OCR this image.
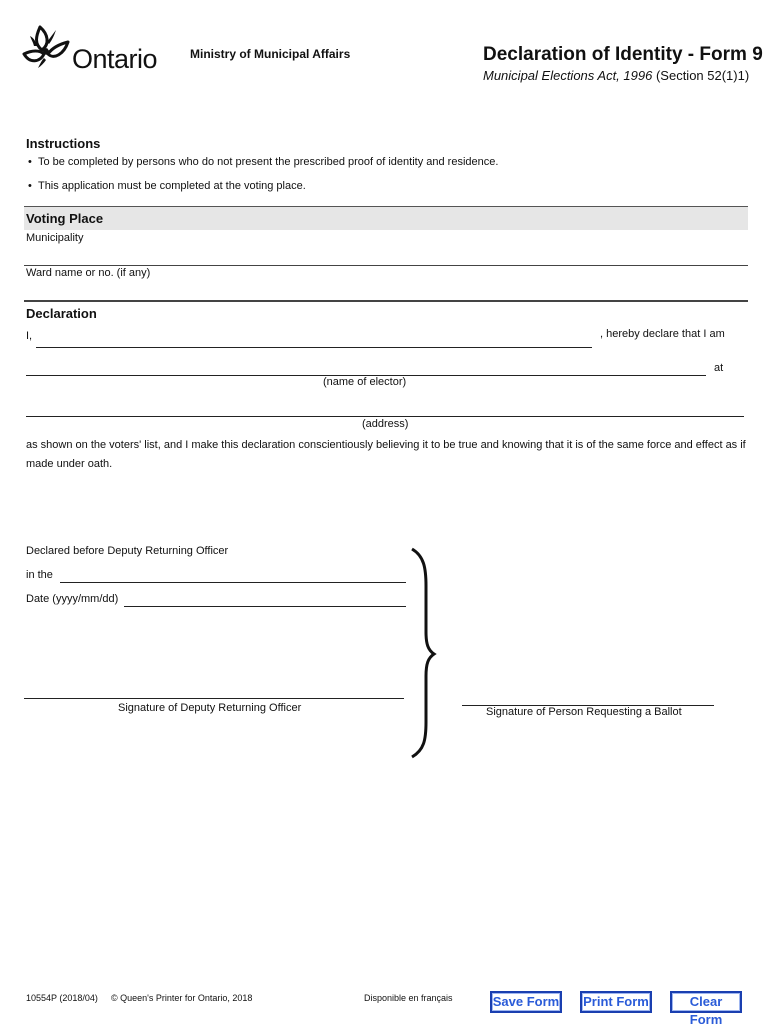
Ontario	Ministry of Municipal Affairs	Declaration of Identity - Form 9
Municipal Elections Act, 1996 (Section 52(1)1)
Instructions
•  To be completed by persons who do not present the prescribed proof of identity and residence.
•  This application must be completed at the voting place.
Voting Place
Municipality
Ward name or no. (if any)
Declaration
I,	, hereby declare that I am
at
(name of elector)
(address)
as shown on the voters' list, and I make this declaration conscientiously believing it to be true and knowing that it is of the same force and effect as if made under oath.
Declared before Deputy Returning Officer
in the
Date (yyyy/mm/dd)
Signature of Deputy Returning Officer	Signature of Person Requesting a Ballot
10554P (2018/04) © Queen's Printer for Ontario, 2018	Disponible en français	Save Form Print Form	Clear Form
